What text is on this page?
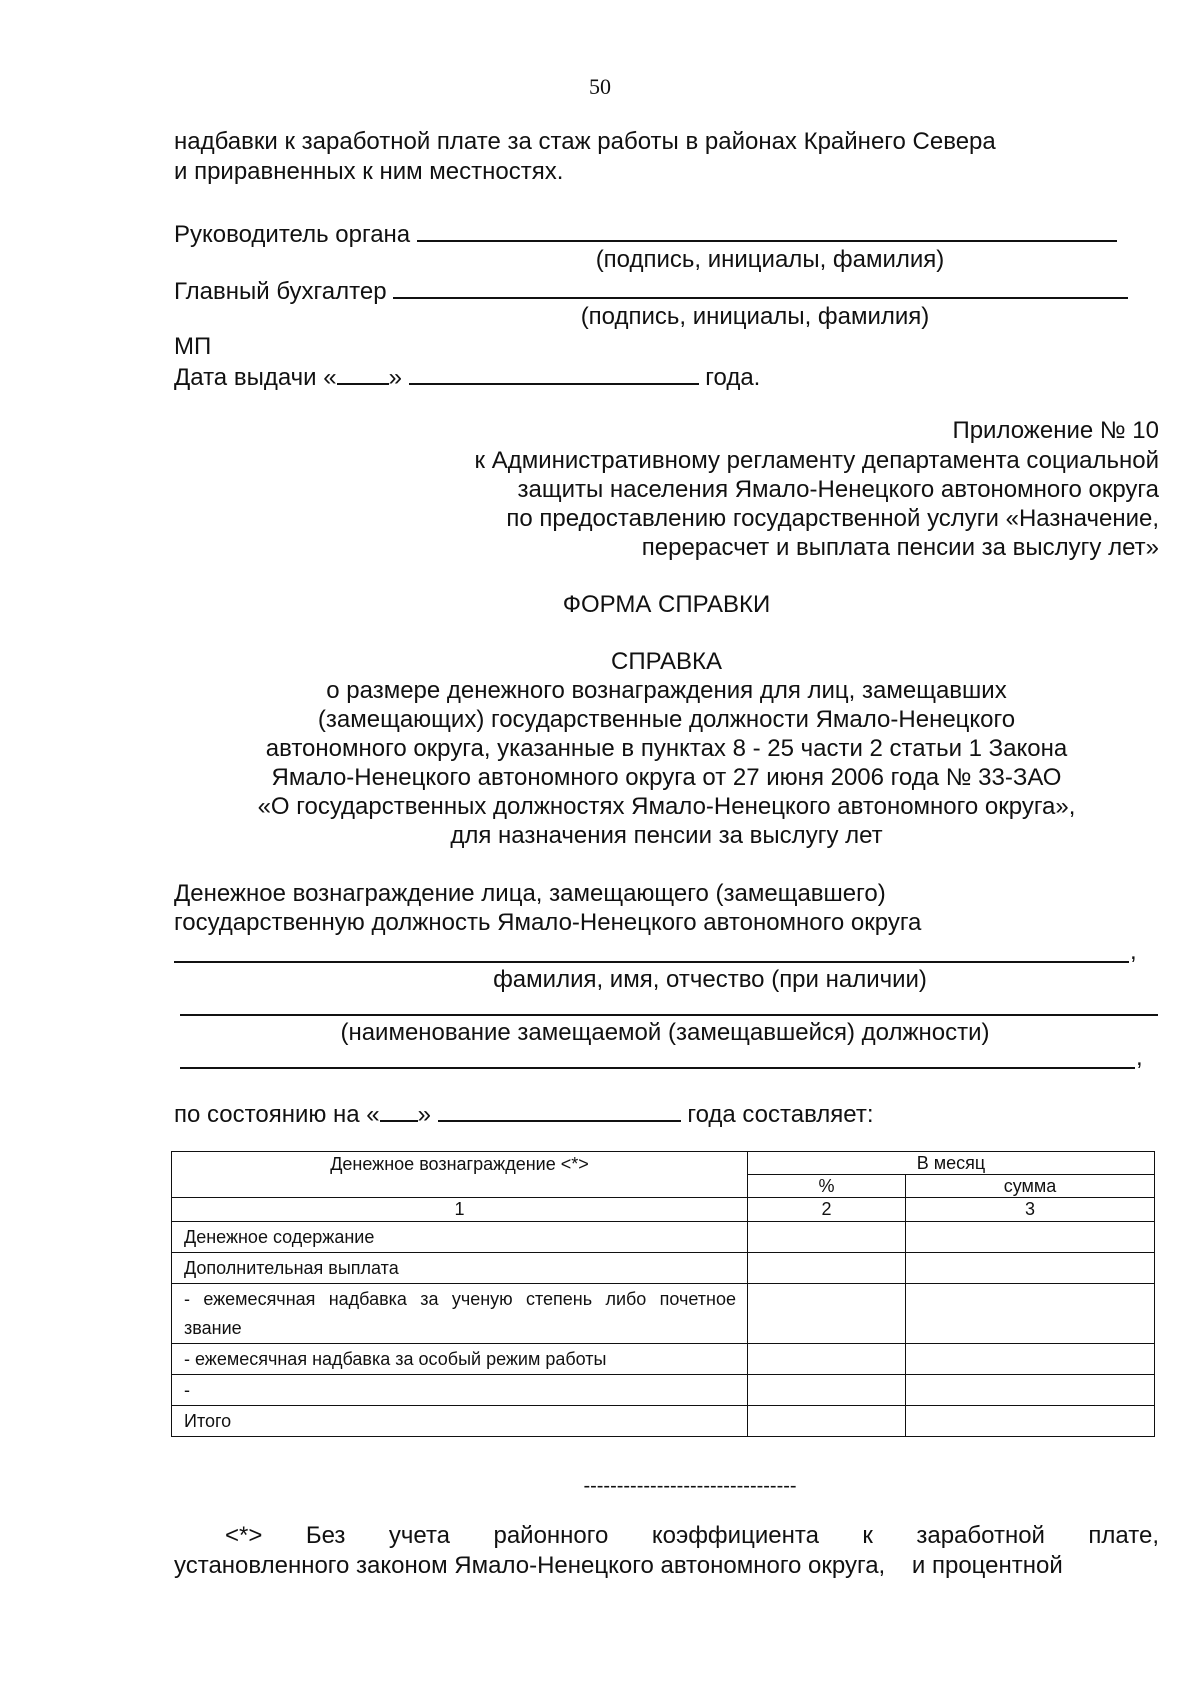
50
надбавки к заработной плате за стаж работы в районах Крайнего Севера
и приравненных к ним местностях.
Руководитель органа
(подпись, инициалы, фамилия)
Главный бухгалтер
(подпись, инициалы, фамилия)
МП
Дата выдачи « »	года.
Приложение № 10
к Административному регламенту департамента социальной
защиты населения Ямало-Ненецкого автономного округа
по предоставлению государственной услуги «Назначение,
перерасчет и выплата пенсии за выслугу лет»
ФОРМА СПРАВКИ
СПРАВКА
о размере денежного вознаграждения для лиц, замещавших
(замещающих) государственные должности Ямало-Ненецкого
автономного округа, указанные в пунктах 8 - 25 части 2 статьи 1 Закона
Ямало-Ненецкого автономного округа от 27 июня 2006 года № 33-ЗАО
«О государственных должностях Ямало-Ненецкого автономного округа»,
для назначения пенсии за выслугу лет
Денежное вознаграждение лица, замещающего (замещавшего)
государственную должность Ямало-Ненецкого автономного округа
,
фамилия, имя, отчество (при наличии)
(наименование замещаемой (замещавшейся) должности)
,
по состоянию на « »	года составляет:
Денежное вознаграждение <*>	В месяц	
	%	сумма
1	2	3
Денежное содержание		
Дополнительная выплата		

- ежемесячная надбавка за ученую степень либо почетное звание		

- ежемесячная надбавка за особый режим работы		
-		
Итого		
--------------------------------
<*> Без учета районного коэффициента к заработной плате,
установленного законом Ямало-Ненецкого автономного округа,    и процентной
